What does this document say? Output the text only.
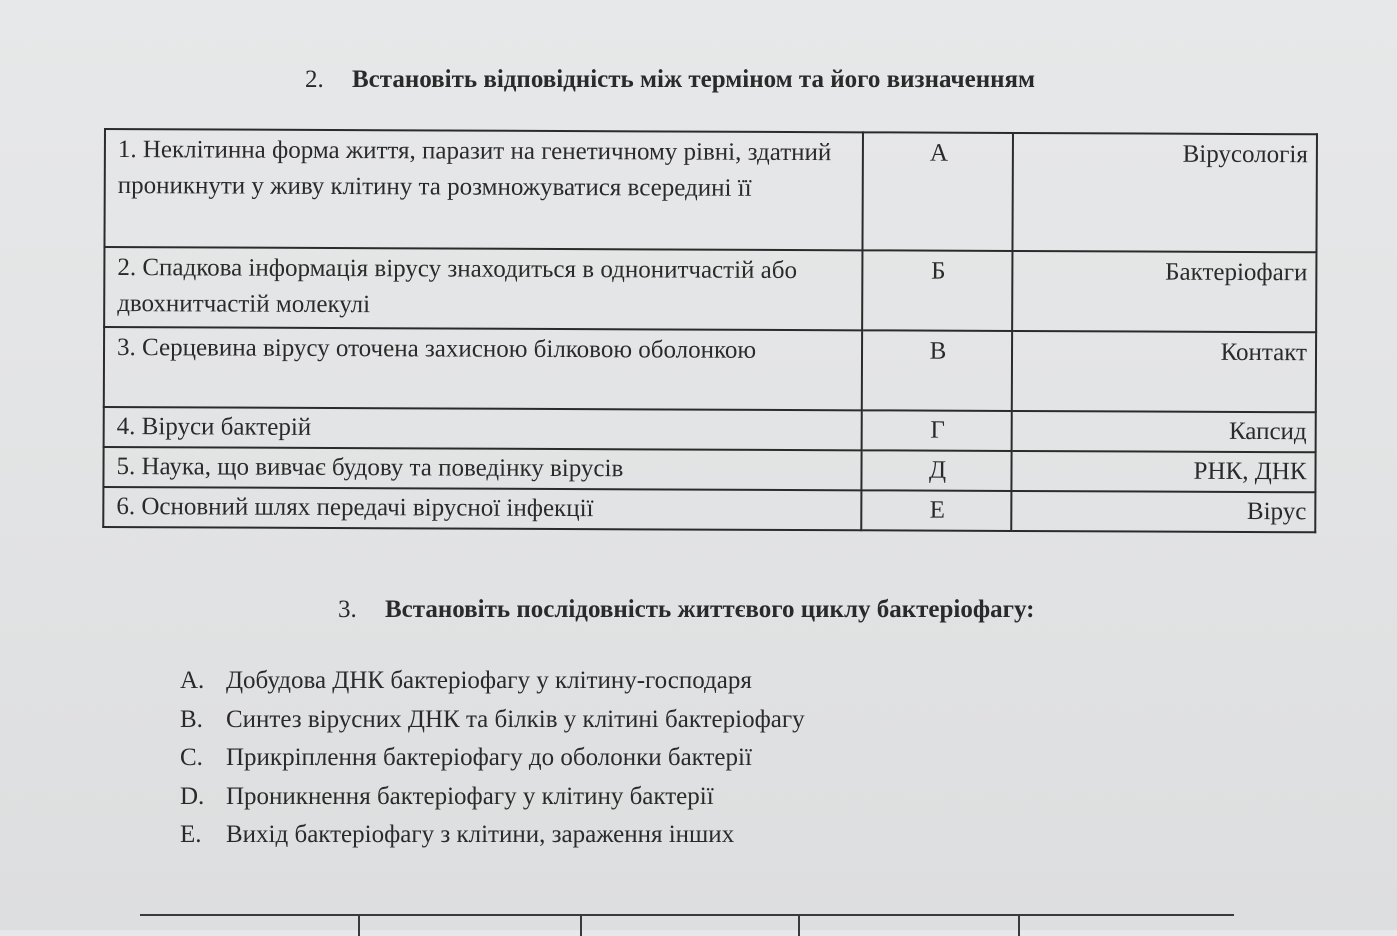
2. Встановіть відповідність між терміном та його визначенням
1. Неклітинна форма життя, паразит на генетичному рівні, здатний проникнути у живу клітину та розмножуватися всередині її	А	Вірусологія
2. Спадкова інформація вірусу знаходиться в однонитчастій або двохнитчастій молекулі	Б	Бактеріофаги
3. Серцевина вірусу оточена захисною білковою оболонкою	В	Контакт
4. Віруси бактерій	Г	Капсид
5. Наука, що вивчає будову та поведінку вірусів	Д	РНК, ДНК
6. Основний шлях передачі вірусної інфекції	Е	Вірус
3. Встановіть послідовність життєвого циклу бактеріофагу:
A. Добудова ДНК бактеріофагу у клітину-господаря
B. Синтез вірусних ДНК та білків у клітині бактеріофагу
C. Прикріплення бактеріофагу до оболонки бактерії
D. Проникнення бактеріофагу у клітину бактерії
E. Вихід бактеріофагу з клітини, зараження інших
